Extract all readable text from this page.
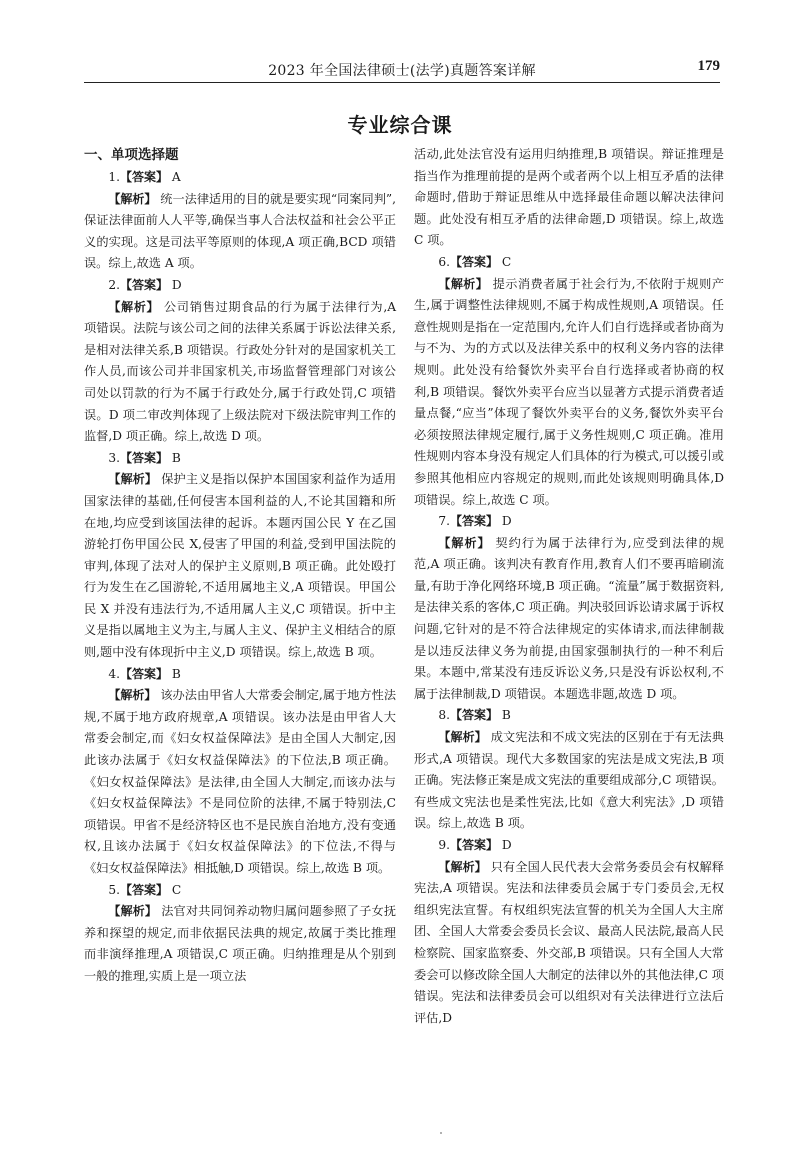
2023 年全国法律硕士(法学)真题答案详解	179
专业综合课

一、单项选择题

1.【答案】 A

【解析】 统一法律适用的目的就是要实现“同案同判”,保证法律面前人人平等,确保当事人合法权益和社会公平正义的实现。这是司法平等原则的体现,A 项正确,BCD 项错误。综上,故选 A 项。

2.【答案】 D

【解析】 公司销售过期食品的行为属于法律行为,A 项错误。法院与该公司之间的法律关系属于诉讼法律关系,是相对法律关系,B 项错误。行政处分针对的是国家机关工作人员,而该公司并非国家机关,市场监督管理部门对该公司处以罚款的行为不属于行政处分,属于行政处罚,C 项错误。D 项二审改判体现了上级法院对下级法院审判工作的监督,D 项正确。综上,故选 D 项。

3.【答案】 B

【解析】 保护主义是指以保护本国国家利益作为适用国家法律的基础,任何侵害本国利益的人,不论其国籍和所在地,均应受到该国法律的起诉。本题丙国公民 Y 在乙国游轮打伤甲国公民 X,侵害了甲国的利益,受到甲国法院的审判,体现了法对人的保护主义原则,B 项正确。此处殴打行为发生在乙国游轮,不适用属地主义,A 项错误。甲国公民 X 并没有违法行为,不适用属人主义,C 项错误。折中主义是指以属地主义为主,与属人主义、保护主义相结合的原则,题中没有体现折中主义,D 项错误。综上,故选 B 项。

4.【答案】 B

【解析】 该办法由甲省人大常委会制定,属于地方性法规,不属于地方政府规章,A 项错误。该办法是由甲省人大常委会制定,而《妇女权益保障法》是由全国人大制定,因此该办法属于《妇女权益保障法》的下位法,B 项正确。《妇女权益保障法》是法律,由全国人大制定,而该办法与《妇女权益保障法》不是同位阶的法律,不属于特别法,C 项错误。甲省不是经济特区也不是民族自治地方,没有变通权,且该办法属于《妇女权益保障法》的下位法,不得与《妇女权益保障法》相抵触,D 项错误。综上,故选 B 项。

5.【答案】 C

【解析】 法官对共同饲养动物归属问题参照了子女抚养和探望的规定,而非依据民法典的规定,故属于类比推理而非演绎推理,A 项错误,C 项正确。归纳推理是从个别到一般的推理,实质上是一项立法

活动,此处法官没有运用归纳推理,B 项错误。辩证推理是指当作为推理前提的是两个或者两个以上相互矛盾的法律命题时,借助于辩证思维从中选择最佳命题以解决法律问题。此处没有相互矛盾的法律命题,D 项错误。综上,故选 C 项。

6.【答案】 C

【解析】 提示消费者属于社会行为,不依附于规则产生,属于调整性法律规则,不属于构成性规则,A 项错误。任意性规则是指在一定范围内,允许人们自行选择或者协商为与不为、为的方式以及法律关系中的权利义务内容的法律规则。此处没有给餐饮外卖平台自行选择或者协商的权利,B 项错误。餐饮外卖平台应当以显著方式提示消费者适量点餐,“应当”体现了餐饮外卖平台的义务,餐饮外卖平台必须按照法律规定履行,属于义务性规则,C 项正确。准用性规则内容本身没有规定人们具体的行为模式,可以援引或参照其他相应内容规定的规则,而此处该规则明确具体,D 项错误。综上,故选 C 项。

7.【答案】 D

【解析】 契约行为属于法律行为,应受到法律的规范,A 项正确。该判决有教育作用,教育人们不要再暗刷流量,有助于净化网络环境,B 项正确。“流量”属于数据资料,是法律关系的客体,C 项正确。判决驳回诉讼请求属于诉权问题,它针对的是不符合法律规定的实体请求,而法律制裁是以违反法律义务为前提,由国家强制执行的一种不利后果。本题中,常某没有违反诉讼义务,只是没有诉讼权利,不属于法律制裁,D 项错误。本题选非题,故选 D 项。

8.【答案】 B

【解析】 成文宪法和不成文宪法的区别在于有无法典形式,A 项错误。现代大多数国家的宪法是成文宪法,B 项正确。宪法修正案是成文宪法的重要组成部分,C 项错误。有些成文宪法也是柔性宪法,比如《意大利宪法》,D 项错误。综上,故选 B 项。

9.【答案】 D

【解析】 只有全国人民代表大会常务委员会有权解释宪法,A 项错误。宪法和法律委员会属于专门委员会,无权组织宪法宣誓。有权组织宪法宣誓的机关为全国人大主席团、全国人大常委会委员长会议、最高人民法院,最高人民检察院、国家监察委、外交部,B 项错误。只有全国人大常委会可以修改除全国人大制定的法律以外的其他法律,C 项错误。宪法和法律委员会可以组织对有关法律进行立法后评估,D
